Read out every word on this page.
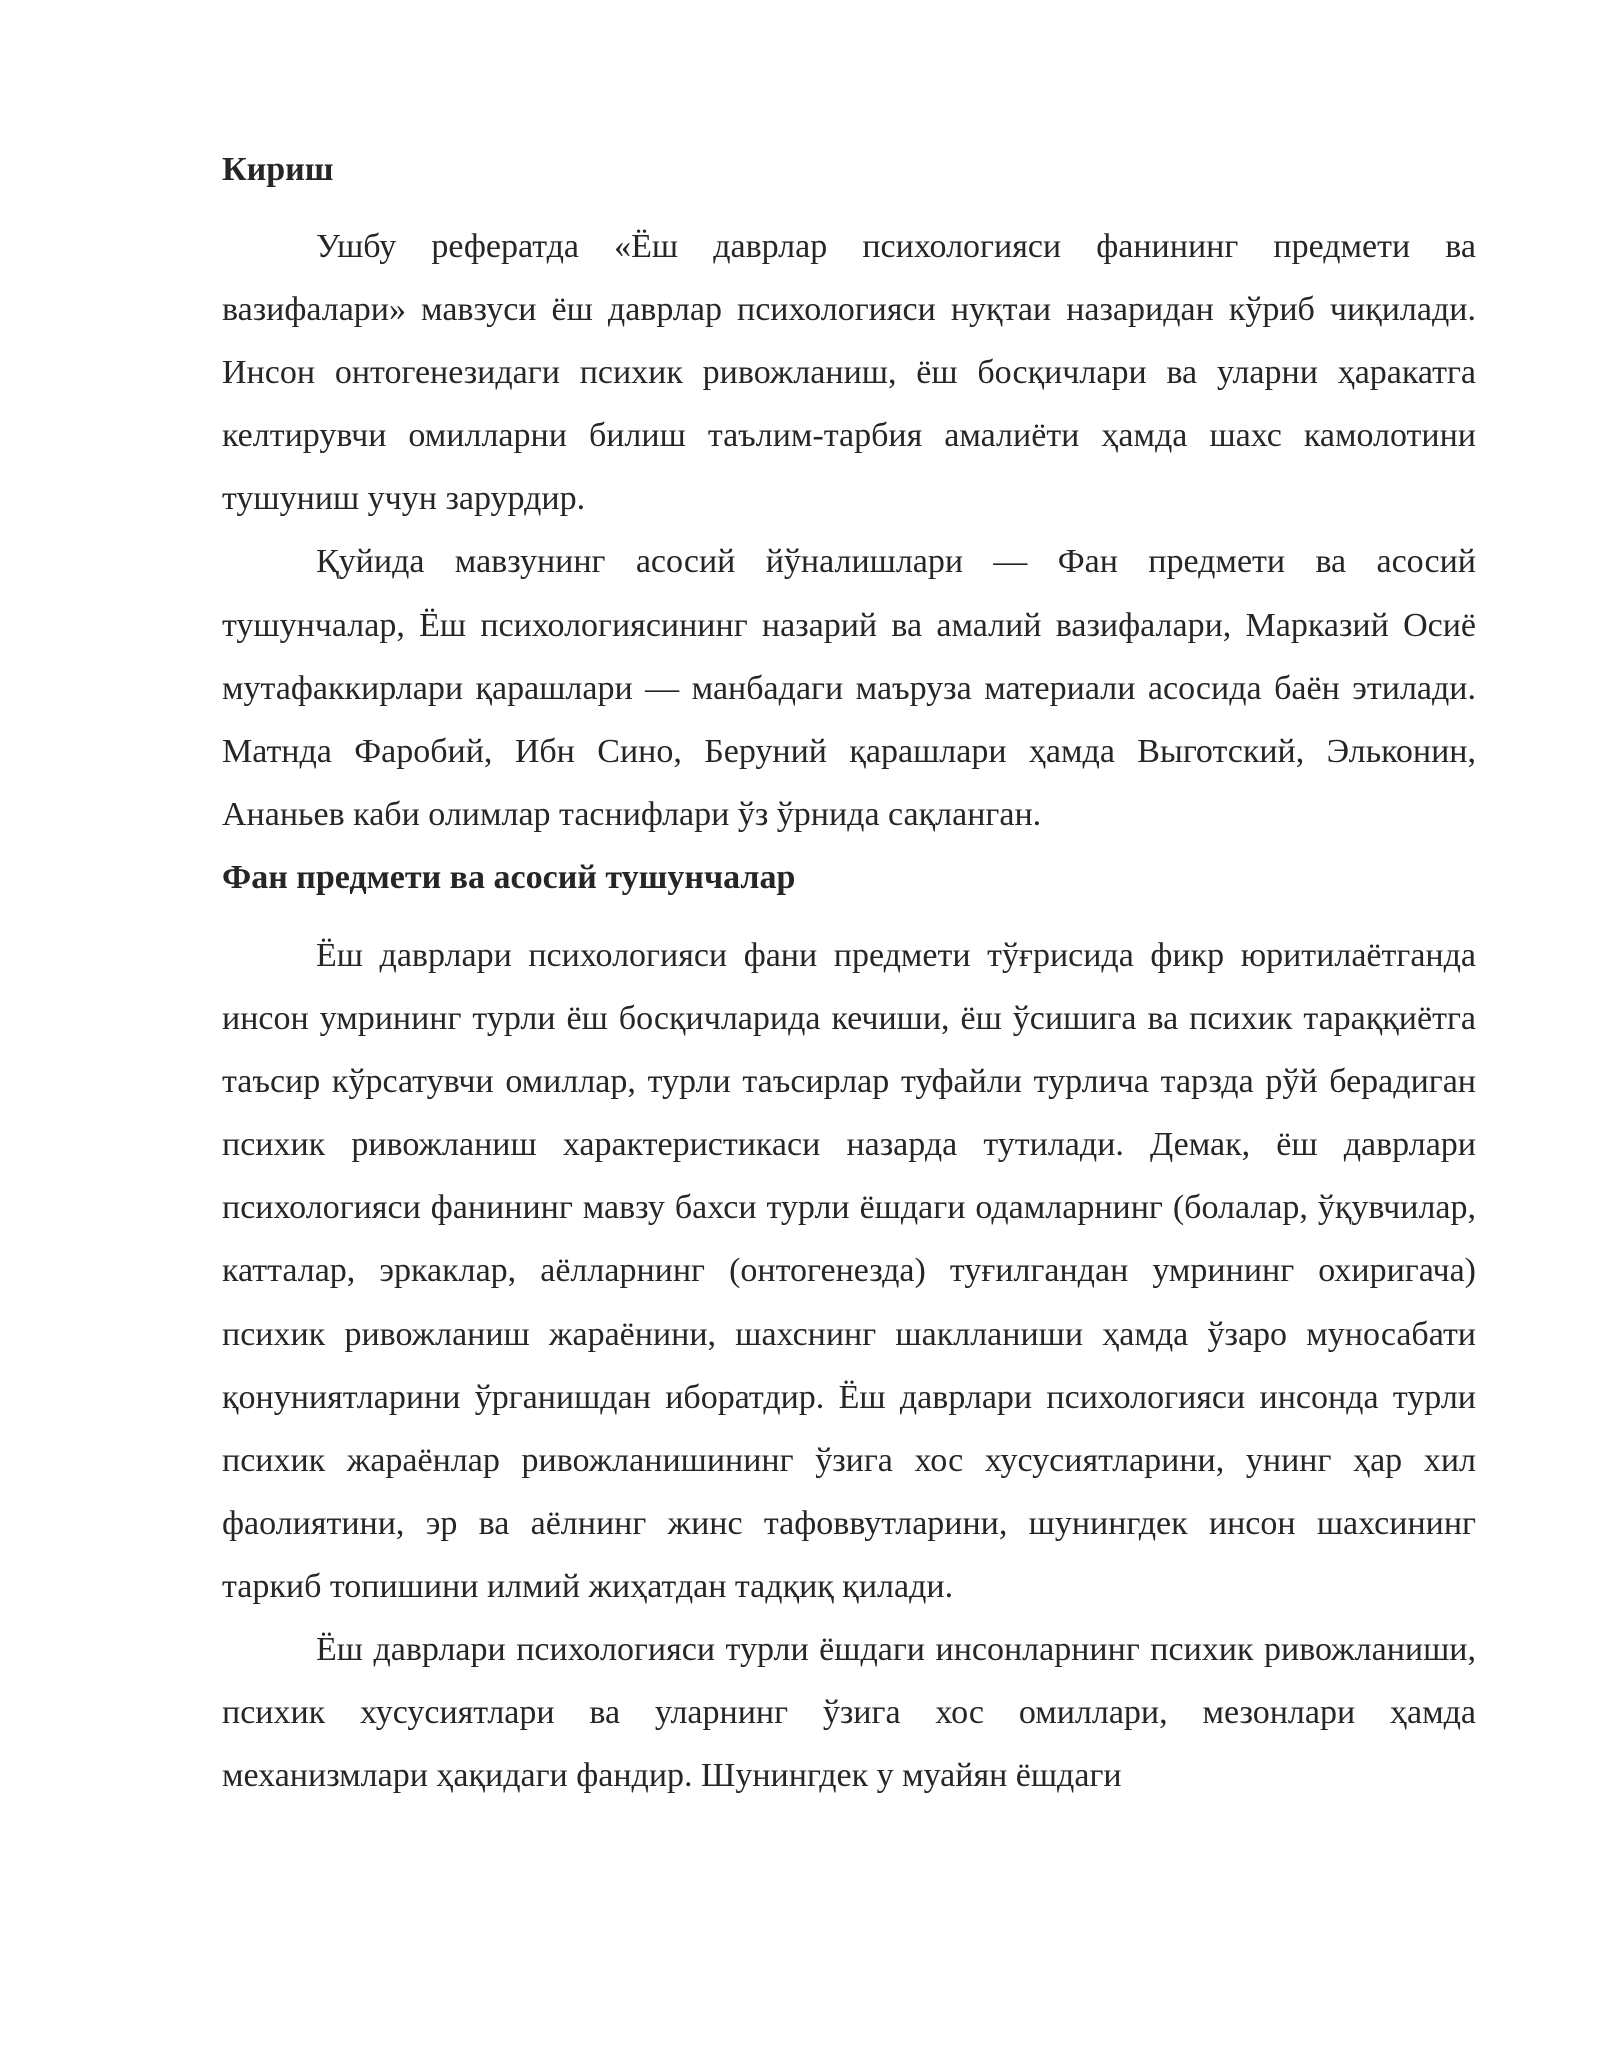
Кириш

Ушбу рефератда «Ёш даврлар психологияси фанининг предмети ва вазифалари» мавзуси ёш даврлар психологияси нуқтаи назаридан кўриб чиқилади. Инсон онтогенезидаги психик ривожланиш, ёш босқичлари ва уларни ҳаракатга келтирувчи омилларни билиш таълим-тарбия амалиёти ҳамда шахс камолотини тушуниш учун зарурдир.

Қуйида мавзунинг асосий йўналишлари — Фан предмети ва асосий тушунчалар, Ёш психологиясининг назарий ва амалий вазифалари, Марказий Осиё мутафаккирлари қарашлари — манбадаги маъруза материали асосида баён этилади. Матнда Фаробий, Ибн Сино, Беруний қарашлари ҳамда Выготский, Эльконин, Ананьев каби олимлар таснифлари ўз ўрнида сақланган.

Фан предмети ва асосий тушунчалар

Ёш даврлари психологияси фани предмети тўғрисида фикр юритилаётганда инсон умрининг турли ёш босқичларида кечиши, ёш ўсишига ва психик тараққиётга таъсир кўрсатувчи омиллар, турли таъсирлар туфайли турлича тарзда рўй берадиган психик ривожланиш характеристикаси назарда тутилади. Демак, ёш даврлари психологияси фанининг мавзу бахси турли ёшдаги одамларнинг (болалар, ўқувчилар, катталар, эркаклар, аёлларнинг (онтогенезда) туғилгандан умрининг охиригача) психик ривожланиш жараёнини, шахснинг шаклланиши ҳамда ўзаро муносабати қонуниятларини ўрганишдан иборатдир. Ёш даврлари психологияси инсонда турли психик жараёнлар ривожланишининг ўзига хос хусусиятларини, унинг ҳар хил фаолиятини, эр ва аёлнинг жинс тафоввутларини, шунингдек инсон шахсининг таркиб топишини илмий жиҳатдан тадқиқ қилади.

Ёш даврлари психологияси турли ёшдаги инсонларнинг психик ривожланиши, психик хусусиятлари ва уларнинг ўзига хос омиллари, мезонлари ҳамда механизмлари ҳақидаги фандир. Шунингдек у муайян ёшдаги
